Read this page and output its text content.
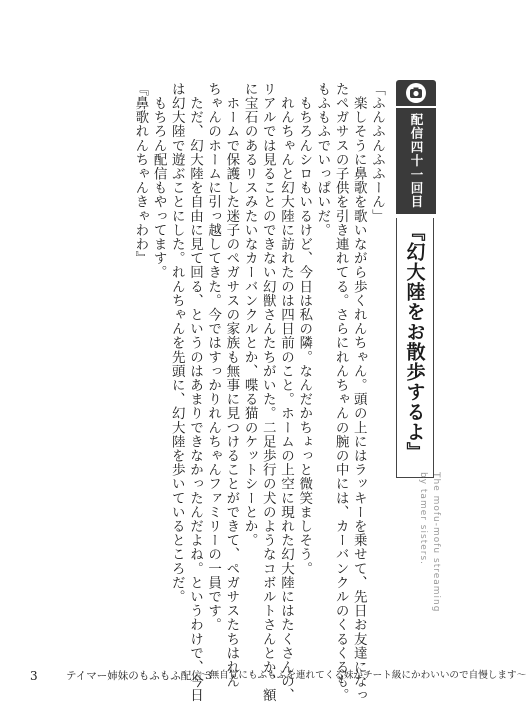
配信四十一回目
『幻大陸をお散歩するよ』
The mofu-mofu streaming
by tamer sisters.

「ふんふんふふーん」

　楽しそうに鼻歌を歌いながら歩くれんちゃん。頭の上にはラッキーを乗せて、先日お友達になっ

たペガサスの子供を引き連れてる。さらにれんちゃんの腕の中には、カーバンクルのくるくるも。

もふもふでいっぱいだ。

　もちろんシロもいるけど、今日は私の隣。なんだかちょっと微笑ましそう。

　れんちゃんと幻大陸に訪れたのは四日前のこと。ホームの上空に現れた幻大陸にはたくさんの、

リアルでは見ることのできない幻獣さんたちがいた。二足歩行の犬のようなコボルトさんとか、額

に宝石のあるリスみたいなカーバンクルとか、喋る猫のケットシーとか。

　ホームで保護した迷子のペガサスの家族も無事に見つけることができて、ペガサスたちはれん

ちゃんのホームに引っ越してきた。今ではすっかりれんちゃんファミリーの一員です。

　ただ、幻大陸を自由に見て回る、というのはあまりできなかったんだよね。というわけで、今日

は幻大陸で遊ぶことにした。れんちゃんを先頭に、幻大陸を歩いているところだ。

　もちろん配信もやってます。

『鼻歌れんちゃんきゃわわ』

3	テイマー姉妹のもふもふ配信 3
～無自覚にもふもふを連れてくる妹がチート級にかわいいので自慢します～
